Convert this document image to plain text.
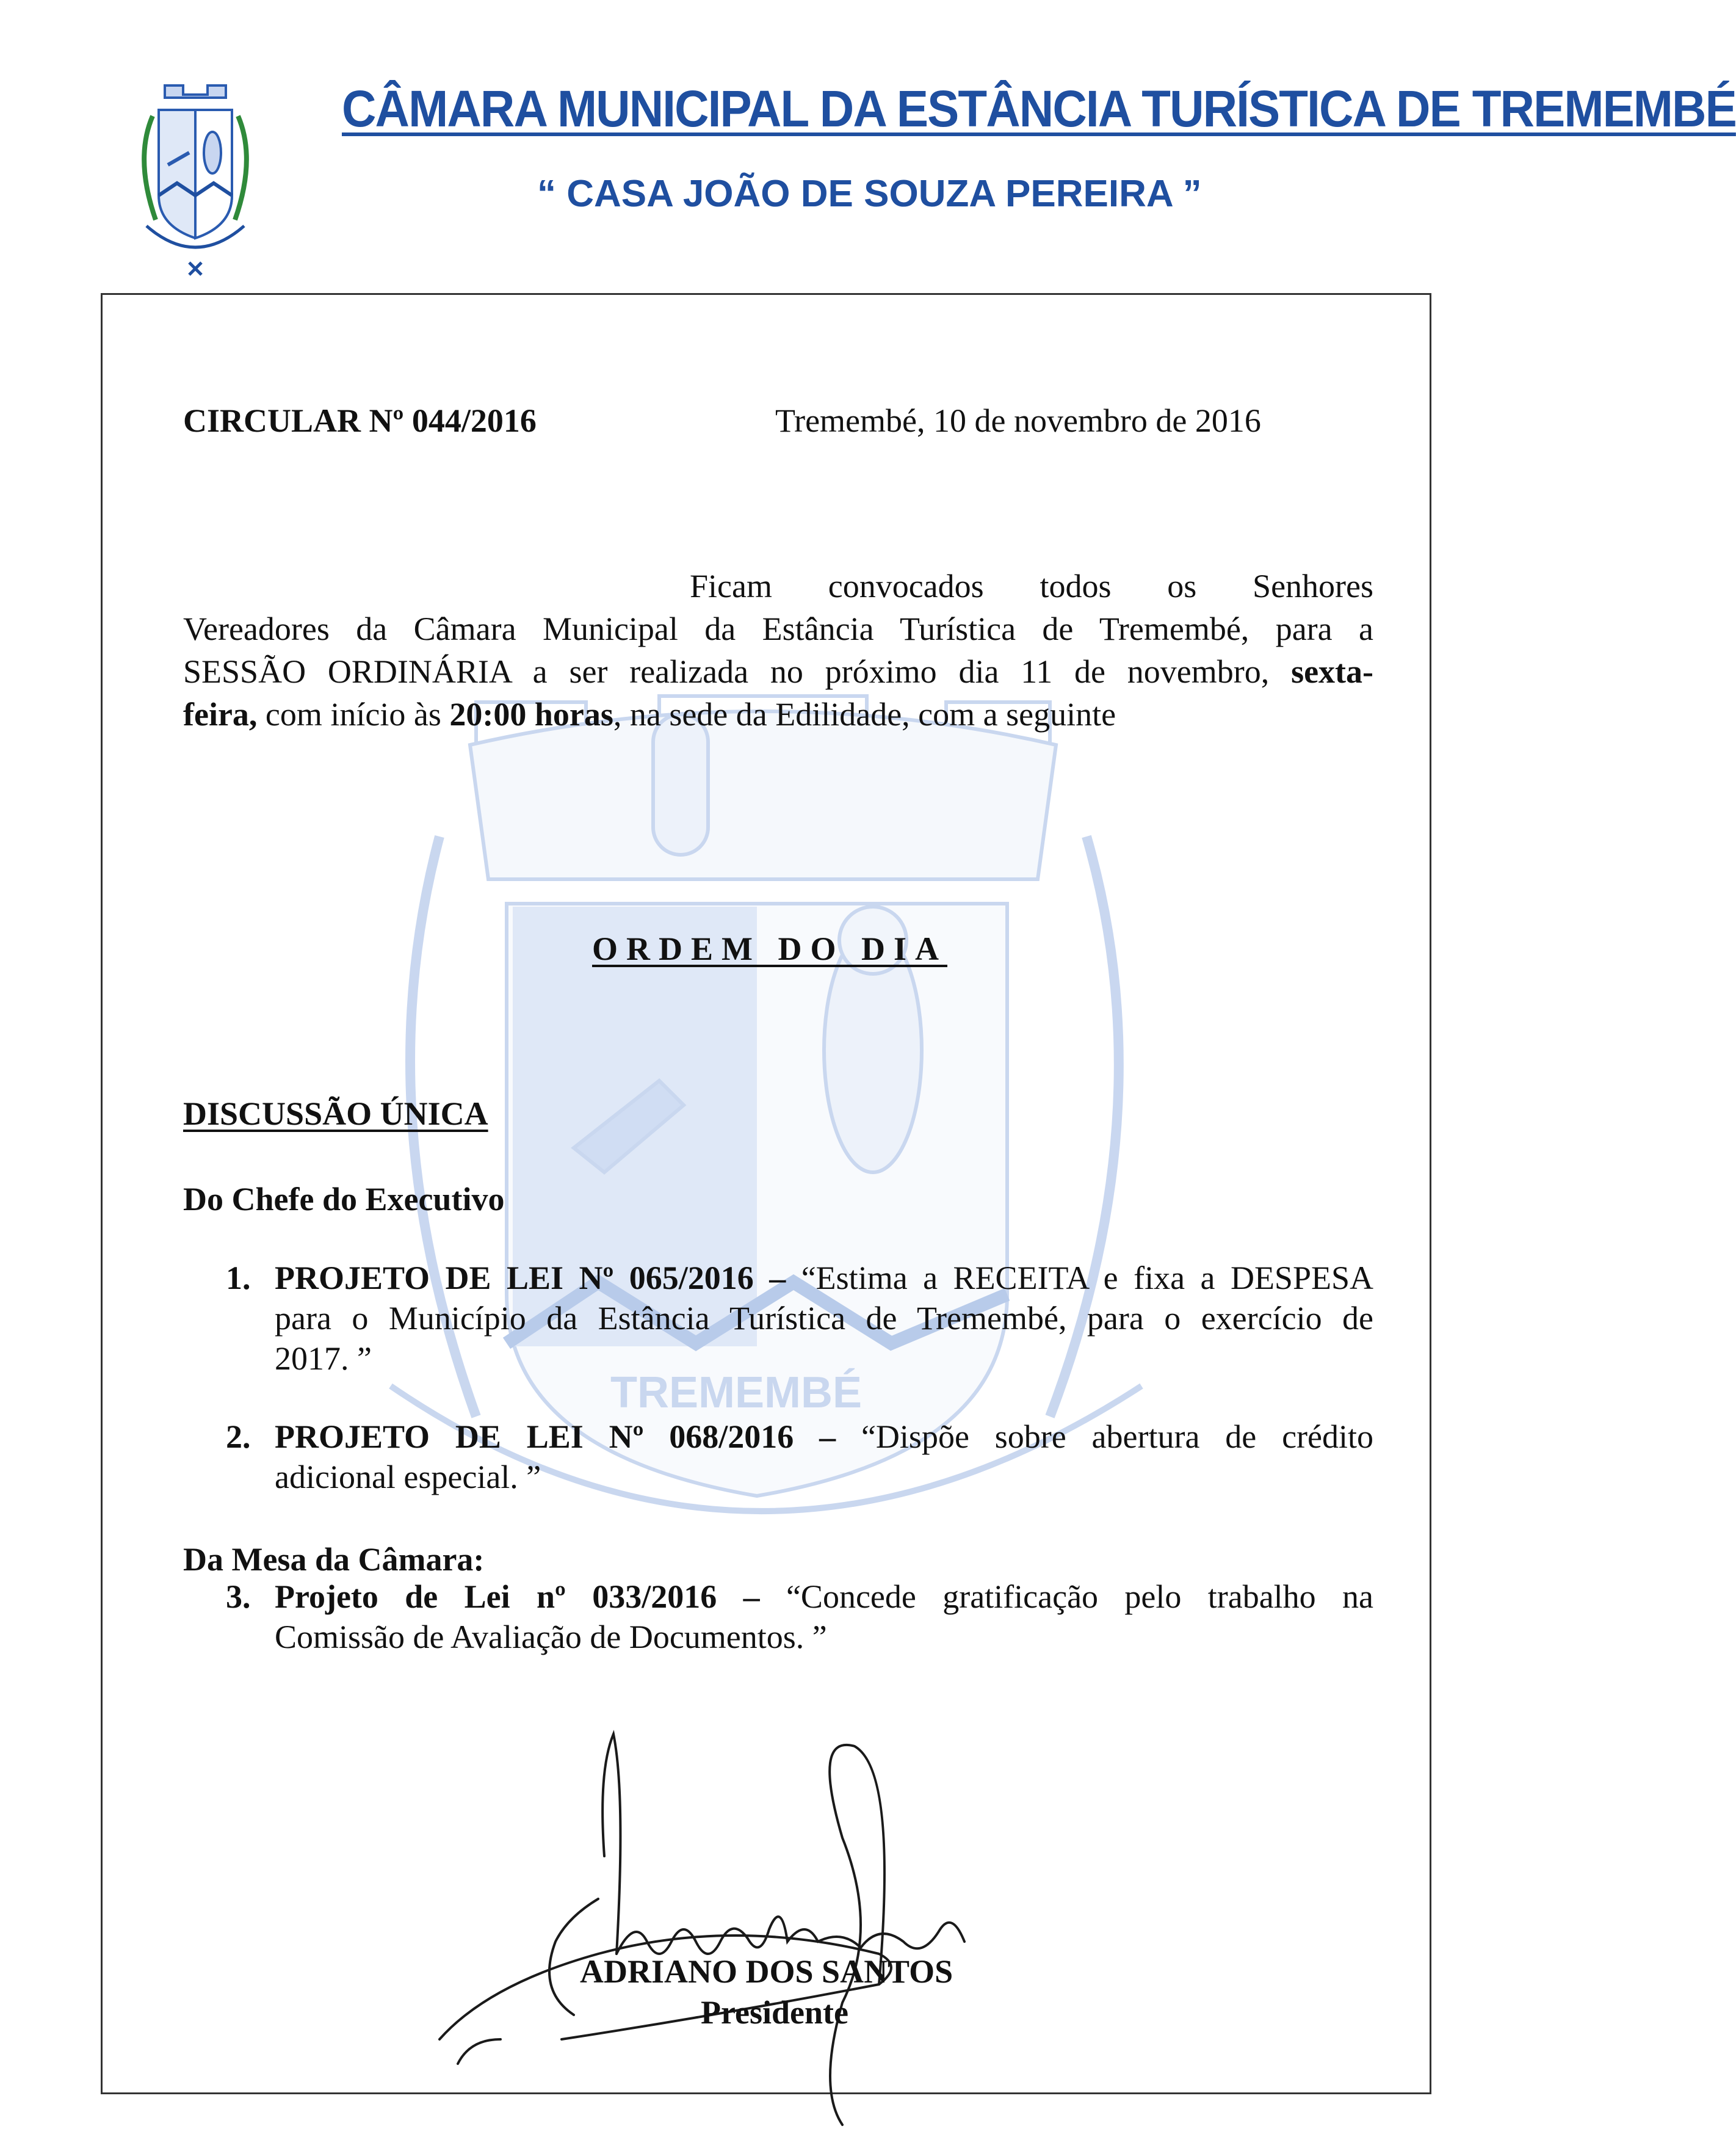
CÂMARA MUNICIPAL DA ESTÂNCIA TURÍSTICA DE TREMEMBÉ
“ CASA JOÃO DE SOUZA PEREIRA ”
TREMEMBÉ
CIRCULAR Nº 044/2016	Tremembé, 10 de novembro de 2016
Ficam convocados todos os Senhores
Vereadores da Câmara Municipal da Estância Turística de Tremembé, para a
SESSÃO ORDINÁRIA a ser realizada no próximo dia 11 de novembro, sexta-
feira, com início às 20:00 horas, na sede da Edilidade, com a seguinte
ORDEM DO DIA
DISCUSSÃO ÚNICA
Do Chefe do Executivo
1. PROJETO DE LEI Nº 065/2016 – “Estima a RECEITA e fixa a DESPESA
para o Município da Estância Turística de Tremembé, para o exercício de
2017. ”
2. PROJETO DE LEI Nº 068/2016 – “Dispõe sobre abertura de crédito
adicional especial. ”
Da Mesa da Câmara:
3. Projeto de Lei nº 033/2016 – “Concede gratificação pelo trabalho na
Comissão de Avaliação de Documentos. ”
ADRIANO DOS SANTOS
Presidente
